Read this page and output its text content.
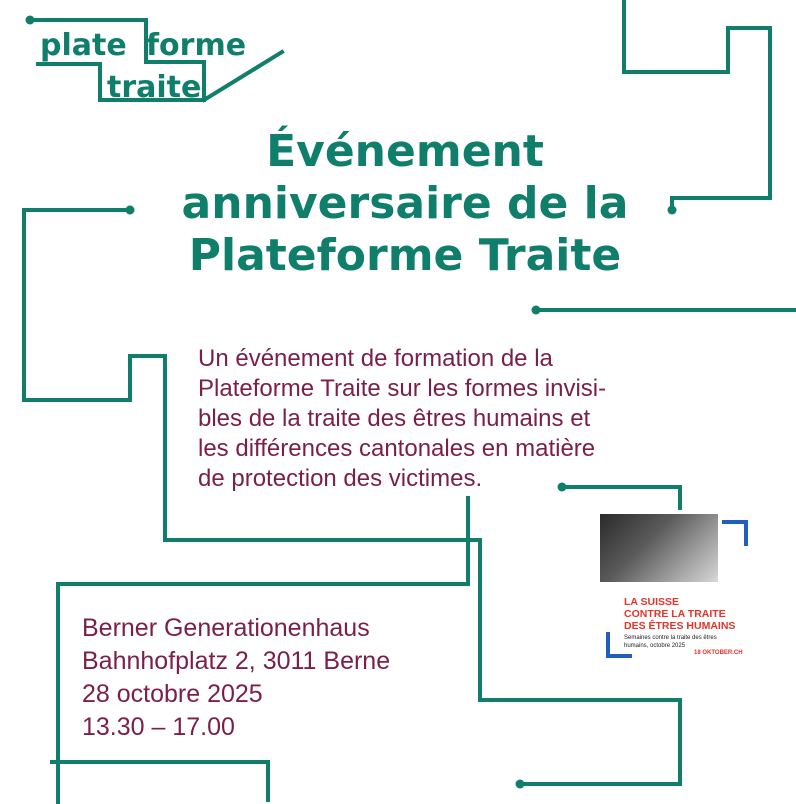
plate forme
traite
Événement
anniversaire de la
Plateforme Traite

Un événement de formation de la
Plateforme Traite sur les formes invisi-
bles de la traite des êtres humains et
les différences cantonales en matière
de protection des victimes.

Berner Generationenhaus
Bahnhofplatz 2, 3011 Berne
28 octobre 2025
13.30 – 17.00
LA SUISSE
CONTRE LA TRAITE
DES ÊTRES HUMAINS
Semaines contre la traite des êtres humains, octobre 2025
18 OKTOBER.CH
